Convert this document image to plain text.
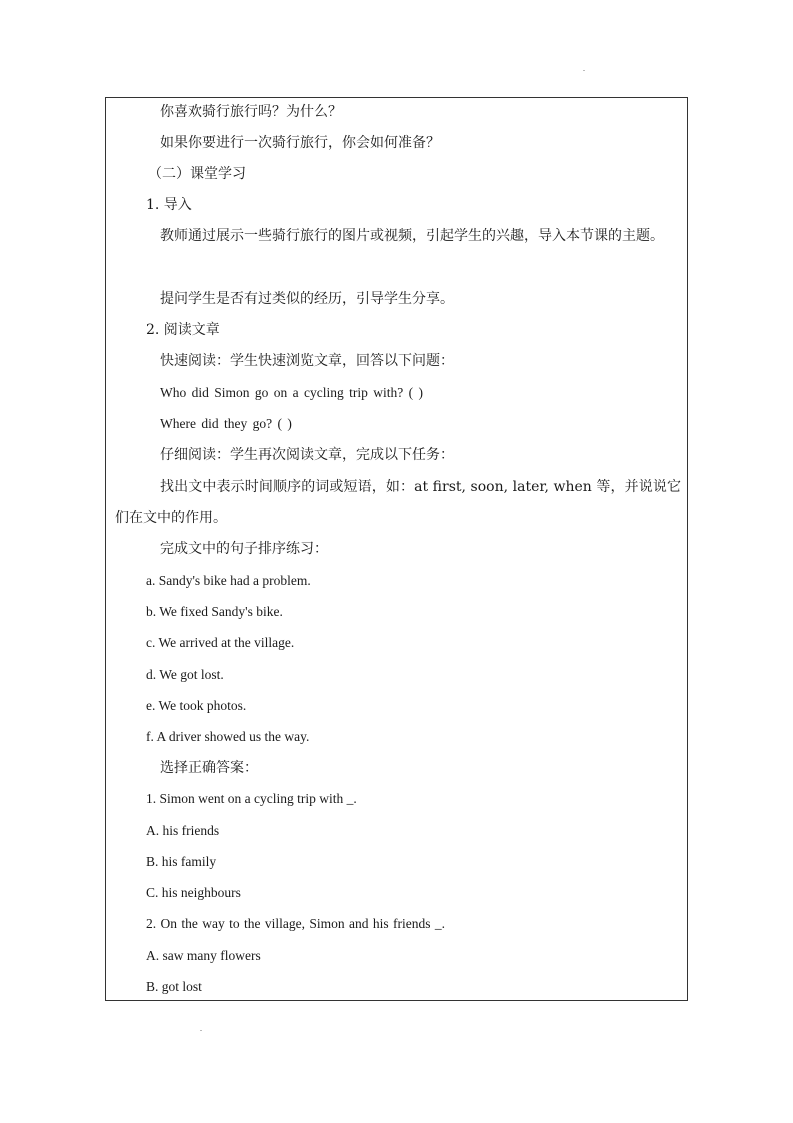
你喜欢骑行旅行吗？为什么？
如果你要进行一次骑行旅行，你会如何准备？
（二）课堂学习
1. 导入
教师通过展示一些骑行旅行的图片或视频，引起学生的兴趣，导入本节课的主题。
提问学生是否有过类似的经历，引导学生分享。
2. 阅读文章
快速阅读：学生快速浏览文章，回答以下问题：
Who did Simon go on a cycling trip with? ( )
Where did they go? ( )
仔细阅读：学生再次阅读文章，完成以下任务：
找出文中表示时间顺序的词或短语，如：at first, soon, later, when 等，并说说它们在文中的作用。
完成文中的句子排序练习：
a. Sandy's bike had a problem.
b. We fixed Sandy's bike.
c. We arrived at the village.
d. We got lost.
e. We took photos.
f. A driver showed us the way.
选择正确答案：
1. Simon went on a cycling trip with _.
A. his friends
B. his family
C. his neighbours
2. On the way to the village, Simon and his friends _.
A. saw many flowers
B. got lost
